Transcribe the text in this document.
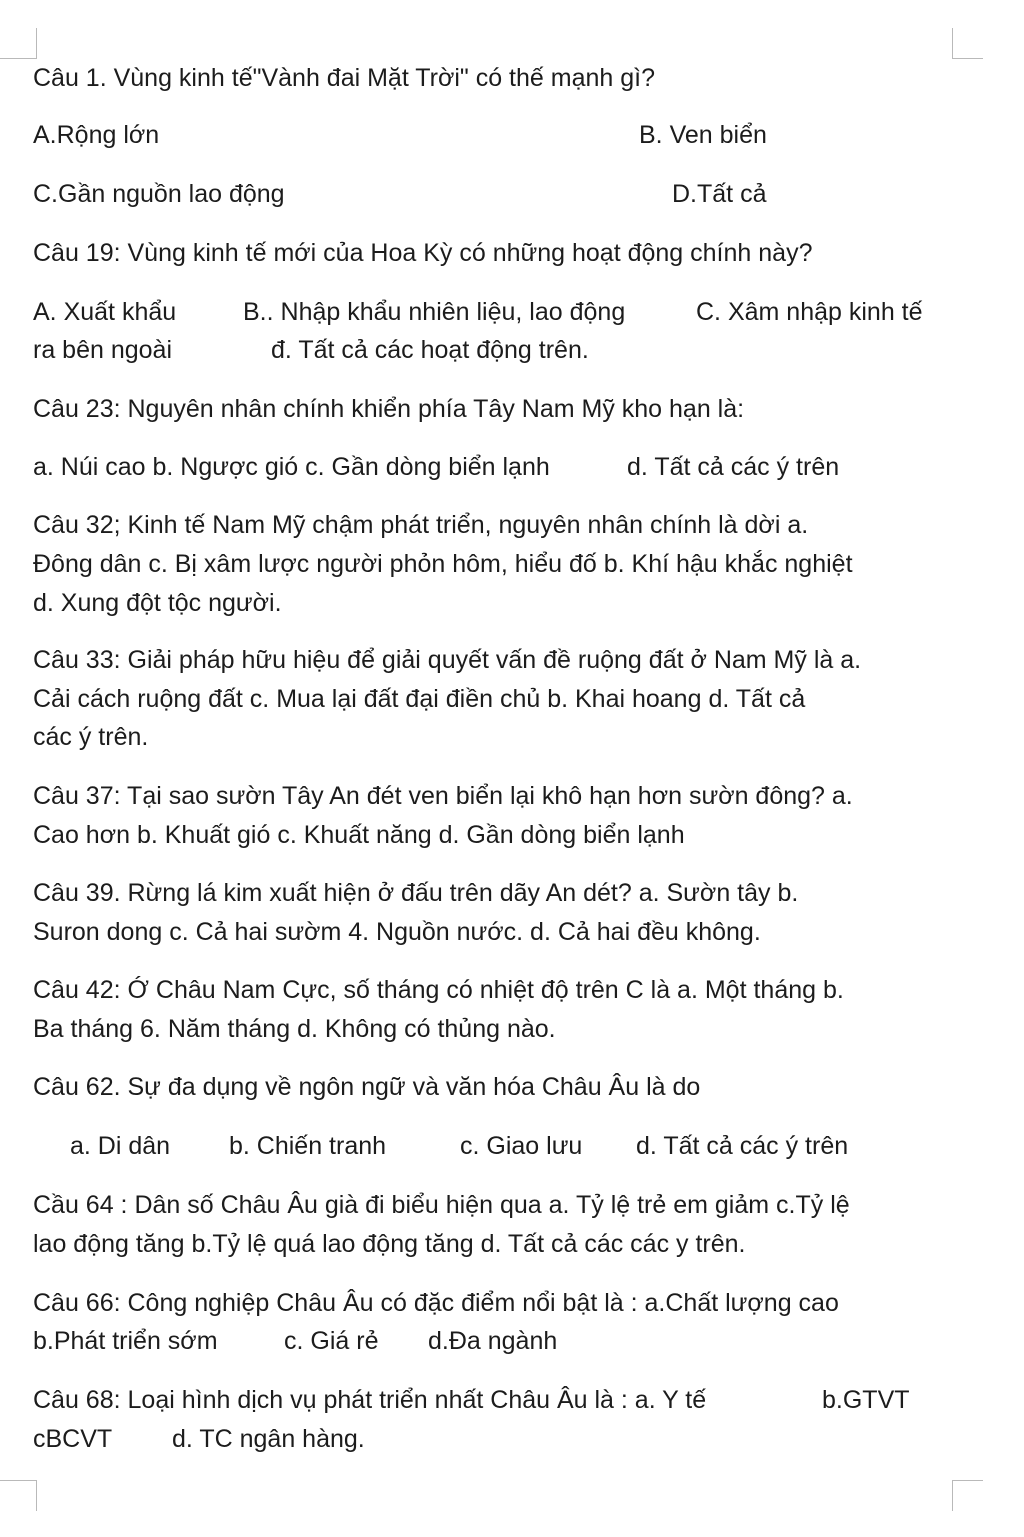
Câu 1. Vùng kinh tế"Vành đai Mặt Trời" có thế mạnh gì?
A.Rộng lớn	B. Ven biển
C.Gần nguồn lao động	D.Tất cả
Câu 19: Vùng kinh tế mới của Hoa Kỳ có những hoạt động chính này?
A. Xuất khẩu	B.. Nhập khẩu nhiên liệu, lao động	C. Xâm nhập kinh tế
ra bên ngoài	đ. Tất cả các hoạt động trên.
Câu 23: Nguyên nhân chính khiển phía Tây Nam Mỹ kho hạn là:
a. Núi cao b. Ngược gió c. Gần dòng biển lạnh	d. Tất cả các ý trên
Câu 32; Kinh tế Nam Mỹ chậm phát triển, nguyên nhân chính là dời a.
Đông dân c. Bị xâm lược người phỏn hôm, hiểu đố b. Khí hậu khắc nghiệt
d. Xung đột tộc người.
Câu 33: Giải pháp hữu hiệu để giải quyết vấn đề ruộng đất ở Nam Mỹ là a.
Cải cách ruộng đất c. Mua lại đất đại điền chủ b. Khai hoang d. Tất cả
các ý trên.
Câu 37: Tại sao sườn Tây An đét ven biển lại khô hạn hơn sườn đông? a.
Cao hơn b. Khuất gió c. Khuất năng d. Gần dòng biển lạnh
Câu 39. Rừng lá kim xuất hiện ở đấu trên dãy An dét? a. Sườn tây b.
Suron dong c. Cả hai sườm 4. Nguồn nước. d. Cả hai đều không.
Câu 42: Ớ Châu Nam Cực, số tháng có nhiệt độ trên C là a. Một tháng b.
Ba tháng 6. Năm tháng d. Không có thủng nào.
Câu 62. Sự đa dụng về ngôn ngữ và văn hóa Châu Âu là do
a. Di dân b. Chiến tranh	c. Giao lưu d. Tất cả các ý trên
Cầu 64 : Dân số Châu Âu già đi biểu hiện qua a. Tỷ lệ trẻ em giảm c.Tỷ lệ
lao động tăng b.Tỷ lệ quá lao động tăng d. Tất cả các các y trên.
Câu 66: Công nghiệp Châu Âu có đặc điểm nổi bật là : a.Chất lượng cao
b.Phát triển sớm	c. Giá rẻ d.Đa ngành
Câu 68: Loại hình dịch vụ phát triển nhất Châu Âu là : a. Y tế	b.GTVT
cBCVT d. TC ngân hàng.
